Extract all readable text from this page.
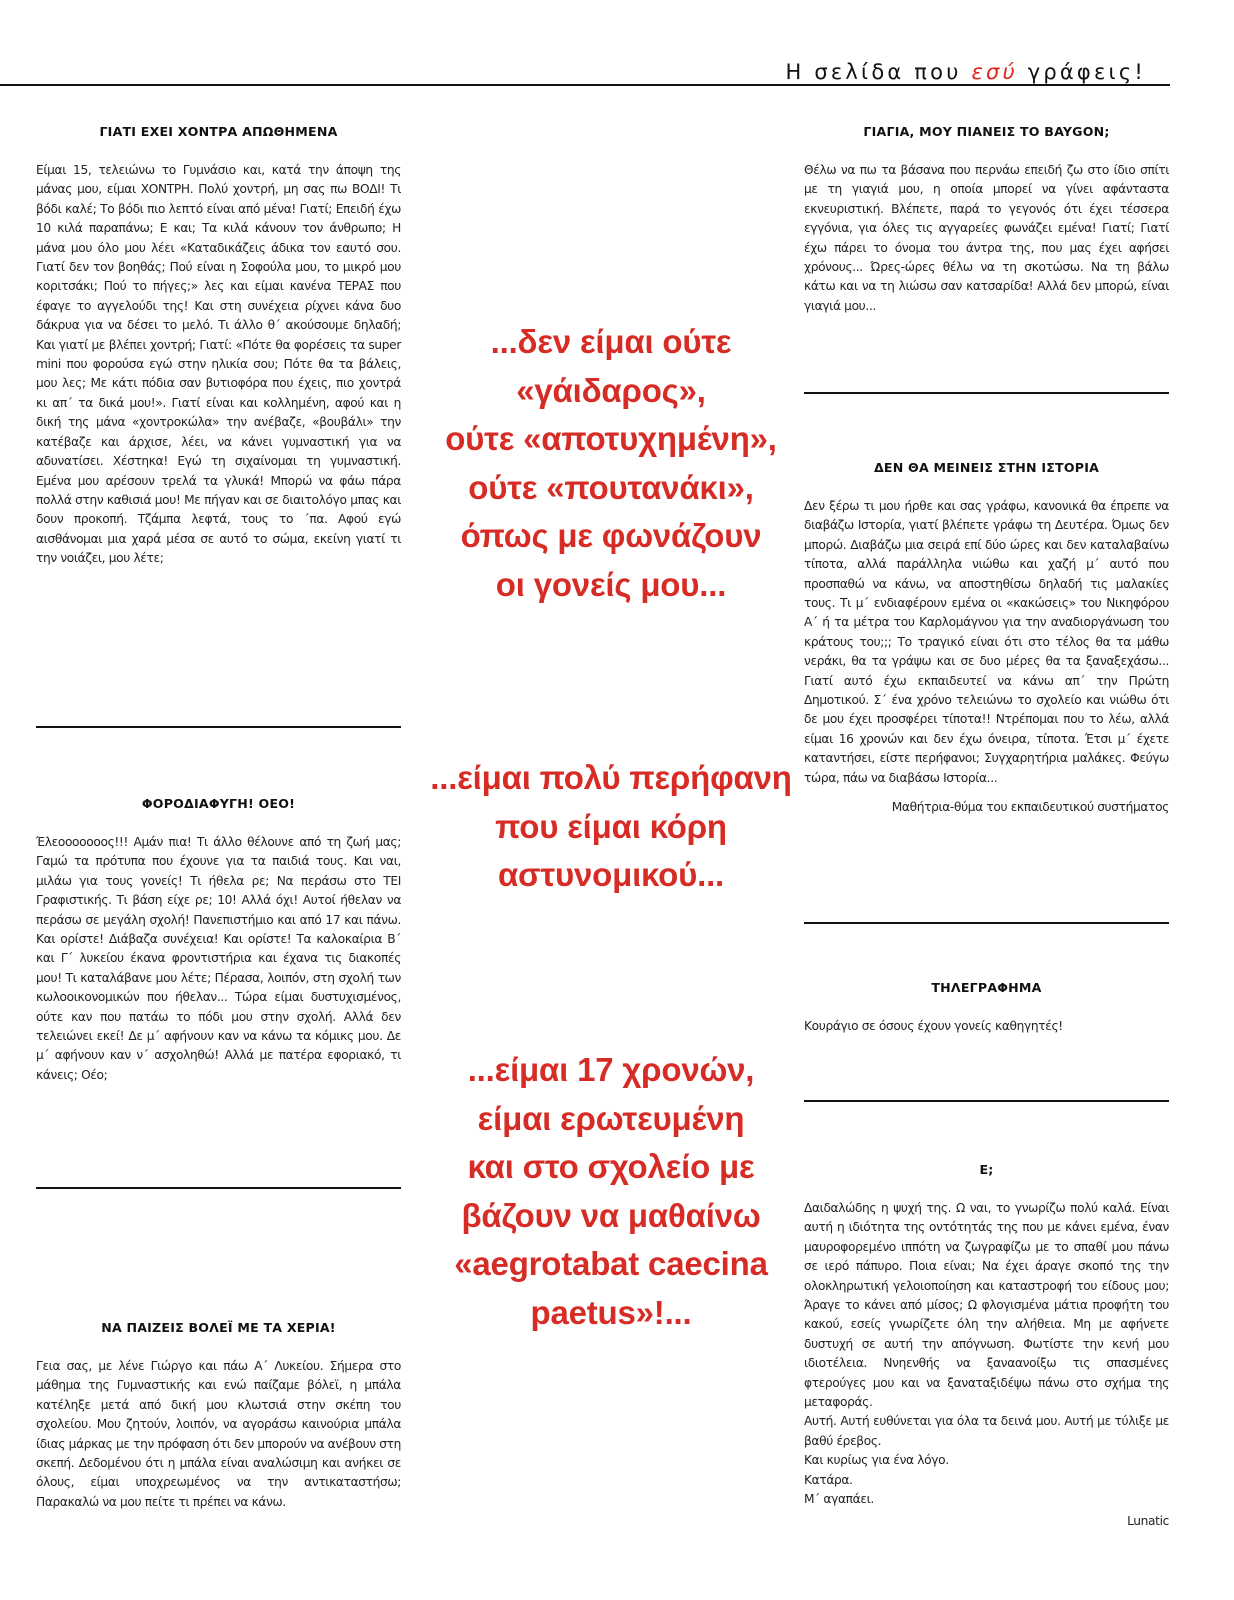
Η σελίδα που εσύ γράφεις!
ΓΙΑΤΙ ΕΧΕΙ ΧΟΝΤΡΑ ΑΠΩΘΗΜΕΝΑ
Είμαι 15, τελειώνω το Γυμνάσιο και, κατά την άποψη της μάνας μου, είμαι ΧΟΝΤΡΗ. Πολύ χοντρή, μη σας πω ΒΟΔΙ! Τι βόδι καλέ; Το βόδι πιο λεπτό είναι από μένα! Γιατί; Επειδή έχω 10 κιλά παραπάνω; Ε και; Τα κιλά κάνουν τον άνθρωπο; Η μάνα μου όλο μου λέει «Καταδικάζεις άδικα τον εαυτό σου. Γιατί δεν τον βοηθάς; Πού είναι η Σοφούλα μου, το μικρό μου κοριτσάκι; Πού το πήγες;» λες και είμαι κανένα ΤΕΡΑΣ που έφαγε το αγγελούδι της! Και στη συνέχεια ρίχνει κάνα δυο δάκρυα για να δέσει το μελό. Τι άλλο θ΄ ακούσουμε δηλαδή; Και γιατί με βλέπει χοντρή; Γιατί: «Πότε θα φορέσεις τα super mini που φορούσα εγώ στην ηλικία σου; Πότε θα τα βάλεις, μου λες; Με κάτι πόδια σαν βυτιοφόρα που έχεις, πιο χοντρά κι απ΄ τα δικά μου!». Γιατί είναι και κολλημένη, αφού και η δική της μάνα «χοντροκώλα» την ανέβαζε, «βουβάλι» την κατέβαζε και άρχισε, λέει, να κάνει γυμναστική για να αδυνατίσει. Χέστηκα! Εγώ τη σιχαίνομαι τη γυμναστική. Εμένα μου αρέσουν τρελά τα γλυκά! Μπορώ να φάω πάρα πολλά στην καθισιά μου! Με πήγαν και σε διαιτολόγο μπας και δουν προκοπή. Τζάμπα λεφτά, τους το ΄πα. Αφού εγώ αισθάνομαι μια χαρά μέσα σε αυτό το σώμα, εκείνη γιατί τι την νοιάζει, μου λέτε;
ΦΟΡΟΔΙΑΦΥΓΗ! ΟΕΟ!
Έλεοοοοοοος!!! Αμάν πια! Τι άλλο θέλουνε από τη ζωή μας; Γαμώ τα πρότυπα που έχουνε για τα παιδιά τους. Και ναι, μιλάω για τους γονείς! Τι ήθελα ρε; Να περάσω στο ΤΕΙ Γραφιστικής. Τι βάση είχε ρε; 10! Αλλά όχι! Αυτοί ήθελαν να περάσω σε μεγάλη σχολή! Πανεπιστήμιο και από 17 και πάνω. Και ορίστε! Διάβαζα συνέχεια! Και ορίστε! Τα καλοκαίρια Β΄ και Γ΄ λυκείου έκανα φροντιστήρια και έχανα τις διακοπές μου! Τι καταλάβανε μου λέτε; Πέρασα, λοιπόν, στη σχολή των κωλοοικονομικών που ήθελαν... Τώρα είμαι δυστυχισμένος, ούτε καν που πατάω το πόδι μου στην σχολή. Αλλά δεν τελειώνει εκεί! Δε μ΄ αφήνουν καν να κάνω τα κόμικς μου. Δε μ΄ αφήνουν καν ν΄ ασχοληθώ! Αλλά με πατέρα εφοριακό, τι κάνεις; Οέο;
ΝΑ ΠΑΙΖΕΙΣ ΒΟΛΕΪ ΜΕ ΤΑ ΧΕΡΙΑ!
Γεια σας, με λένε Γιώργο και πάω Α΄ Λυκείου. Σήμερα στο μάθημα της Γυμναστικής και ενώ παίζαμε βόλεϊ, η μπάλα κατέληξε μετά από δική μου κλωτσιά στην σκέπη του σχολείου. Μου ζητούν, λοιπόν, να αγοράσω καινούρια μπάλα ίδιας μάρκας με την πρόφαση ότι δεν μπορούν να ανέβουν στη σκεπή. Δεδομένου ότι η μπάλα είναι αναλώσιμη και ανήκει σε όλους, είμαι υποχρεωμένος να την αντικαταστήσω; Παρακαλώ να μου πείτε τι πρέπει να κάνω.
...δεν είμαι ούτε
«γάιδαρος»,
ούτε «αποτυχημένη»,
ούτε «πουτανάκι»,
όπως με φωνάζουν
οι γονείς μου...
...είμαι πολύ περήφανη
που είμαι κόρη
αστυνομικού...
...είμαι 17 χρονών,
είμαι ερωτευμένη
και στο σχολείο με
βάζουν να μαθαίνω
«aegrotabat caecina
paetus»!...
ΓΙΑΓΙΑ, ΜΟΥ ΠΙΑΝΕΙΣ ΤΟ BAYGON;
Θέλω να πω τα βάσανα που περνάω επειδή ζω στο ίδιο σπίτι με τη γιαγιά μου, η οποία μπορεί να γίνει αφάνταστα εκνευριστική. Βλέπετε, παρά το γεγονός ότι έχει τέσσερα εγγόνια, για όλες τις αγγαρείες φωνάζει εμένα! Γιατί; Γιατί έχω πάρει το όνομα του άντρα της, που μας έχει αφήσει χρόνους... Ώρες-ώρες θέλω να τη σκοτώσω. Να τη βάλω κάτω και να τη λιώσω σαν κατσαρίδα! Αλλά δεν μπορώ, είναι γιαγιά μου...
ΔΕΝ ΘΑ ΜΕΙΝΕΙΣ ΣΤΗΝ ΙΣΤΟΡΙΑ
Δεν ξέρω τι μου ήρθε και σας γράφω, κανονικά θα έπρεπε να διαβάζω Ιστορία, γιατί βλέπετε γράφω τη Δευτέρα. Όμως δεν μπορώ. Διαβάζω μια σειρά επί δύο ώρες και δεν καταλαβαίνω τίποτα, αλλά παράλληλα νιώθω και χαζή μ΄ αυτό που προσπαθώ να κάνω, να αποστηθίσω δηλαδή τις μαλακίες τους. Τι μ΄ ενδιαφέρουν εμένα οι «κακώσεις» του Νικηφόρου Α΄ ή τα μέτρα του Καρλομάγνου για την αναδιοργάνωση του κράτους του;;; Το τραγικό είναι ότι στο τέλος θα τα μάθω νεράκι, θα τα γράψω και σε δυο μέρες θα τα ξαναξεχάσω... Γιατί αυτό έχω εκπαιδευτεί να κάνω απ΄ την Πρώτη Δημοτικού. Σ΄ ένα χρόνο τελειώνω το σχολείο και νιώθω ότι δε μου έχει προσφέρει τίποτα!! Ντρέπομαι που το λέω, αλλά είμαι 16 χρονών και δεν έχω όνειρα, τίποτα. Έτσι μ΄ έχετε καταντήσει, είστε περήφανοι; Συγχαρητήρια μαλάκες. Φεύγω τώρα, πάω να διαβάσω Ιστορία...
Μαθήτρια-θύμα του εκπαιδευτικού συστήματος
ΤΗΛΕΓΡΑΦΗΜΑ
Κουράγιο σε όσους έχουν γονείς καθηγητές!
Ε;

Δαιδαλώδης η ψυχή της. Ω ναι, το γνωρίζω πολύ καλά. Είναι αυτή η ιδιότητα της οντότητάς της που με κάνει εμένα, έναν μαυροφορεμένο ιππότη να ζωγραφίζω με το σπαθί μου πάνω σε ιερό πάπυρο. Ποια είναι; Να έχει άραγε σκοπό της την ολοκληρωτική γελοιοποίηση και καταστροφή του είδους μου; Άραγε το κάνει από μίσος; Ω φλογισμένα μάτια προφήτη του κακού, εσείς γνωρίζετε όλη την αλήθεια. Μη με αφήνετε δυστυχή σε αυτή την απόγνωση. Φωτίστε την κενή μου ιδιοτέλεια. Ννηενθής να ξαναανοίξω τις σπασμένες φτερούγες μου και να ξαναταξιδέψω πάνω στο σχήμα της μεταφοράς.

Αυτή. Αυτή ευθύνεται για όλα τα δεινά μου. Αυτή με τύλιξε με βαθύ έρεβος.

Και κυρίως για ένα λόγο.

Κατάρα.

Μ΄ αγαπάει.

Lunatic
